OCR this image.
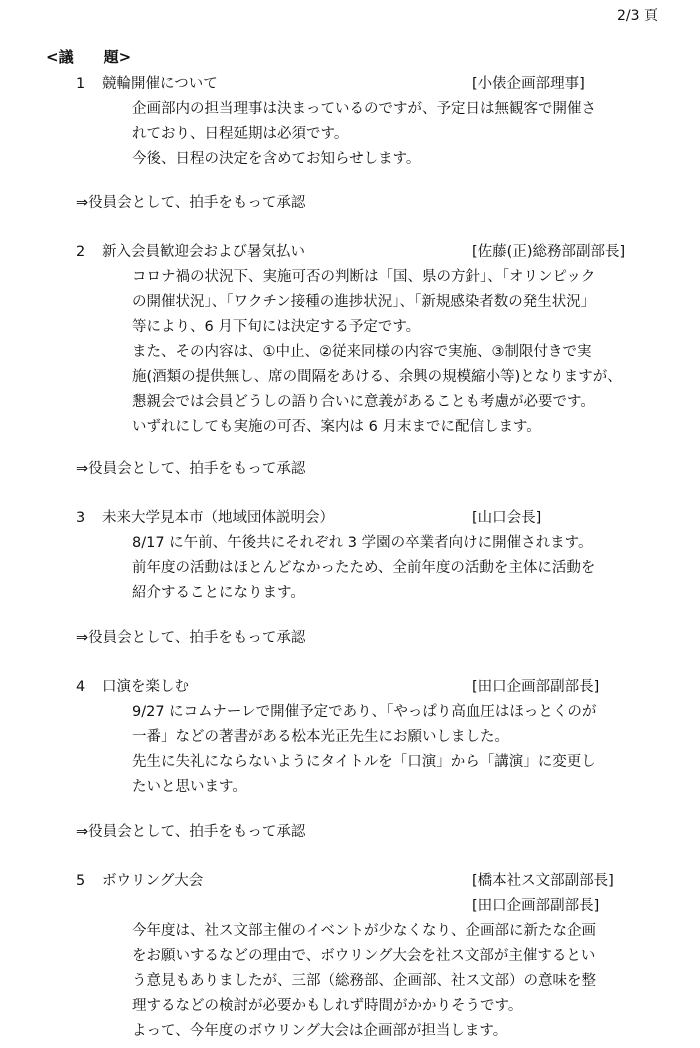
2/3 頁
<議　　題>
1 競輪開催について	[小俵企画部理事]

企画部内の担当理事は決まっているのですが、予定日は無観客で開催さ

れており、日程延期は必須です。

今後、日程の決定を含めてお知らせします。

⇒役員会として、拍手をもって承認
2 新入会員歓迎会および暑気払い	[佐藤(正)総務部副部長]

コロナ禍の状況下、実施可否の判断は「国、県の方針」、「オリンピック

の開催状況」、「ワクチン接種の進捗状況」、「新規感染者数の発生状況」

等により、6 月下旬には決定する予定です。

また、その内容は、①中止、②従来同様の内容で実施、③制限付きで実

施(酒類の提供無し、席の間隔をあける、余興の規模縮小等)となりますが、

懇親会では会員どうしの語り合いに意義があることも考慮が必要です。

いずれにしても実施の可否、案内は 6 月末までに配信します。

⇒役員会として、拍手をもって承認
3 未来大学見本市（地域団体説明会）	[山口会長]

8/17 に午前、午後共にそれぞれ 3 学園の卒業者向けに開催されます。

前年度の活動はほとんどなかったため、全前年度の活動を主体に活動を

紹介することになります。

⇒役員会として、拍手をもって承認
4 口演を楽しむ	[田口企画部副部長]

9/27 にコムナーレで開催予定であり、「やっぱり高血圧はほっとくのが

一番」などの著書がある松本光正先生にお願いしました。

先生に失礼にならないようにタイトルを「口演」から「講演」に変更し

たいと思います。

⇒役員会として、拍手をもって承認
5 ボウリング大会	[橋本社ス文部副部長]
[田口企画部副部長]

今年度は、社ス文部主催のイベントが少なくなり、企画部に新たな企画

をお願いするなどの理由で、ボウリング大会を社ス文部が主催するとい

う意見もありましたが、三部（総務部、企画部、社ス文部）の意味を整

理するなどの検討が必要かもしれず時間がかかりそうです。

よって、今年度のボウリング大会は企画部が担当します。
